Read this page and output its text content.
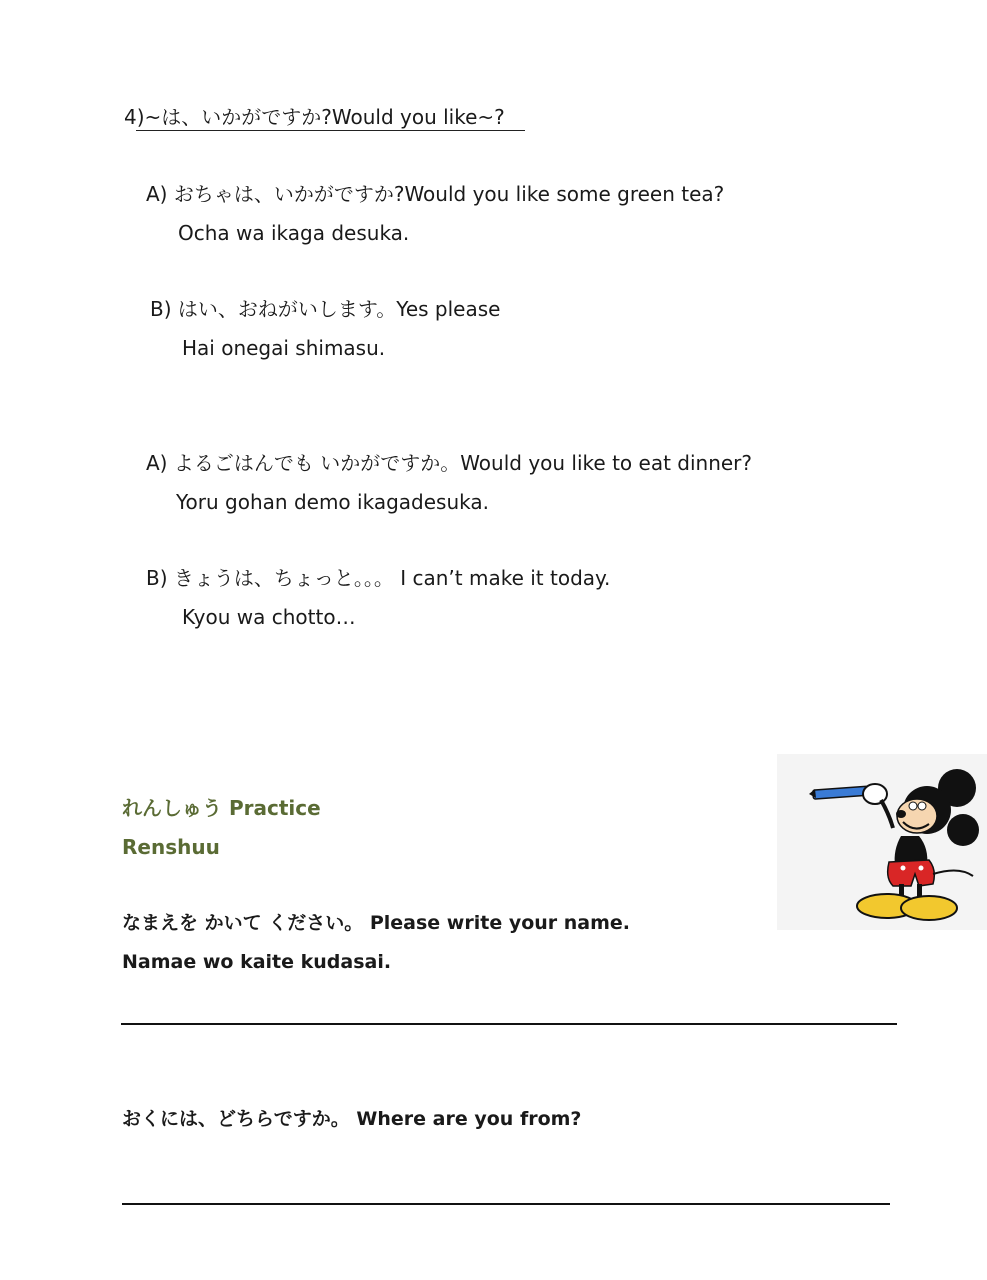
4)~は、いかがですか?Would you like~?
A) おちゃは、いかがですか?Would you like some green tea?
Ocha wa ikaga desuka.
B) はい、おねがいします。Yes please
Hai onegai shimasu.
A) よるごはんでも いかがですか。Would you like to eat dinner?
Yoru gohan demo ikagadesuka.
B) きょうは、ちょっと。。。 I can’t make it today.
Kyou wa chotto…
れんしゅう Practice
Renshuu
なまえを かいて ください。 Please write your name.
Namae wo kaite kudasai.
おくには、どちらですか。 Where are you from?
